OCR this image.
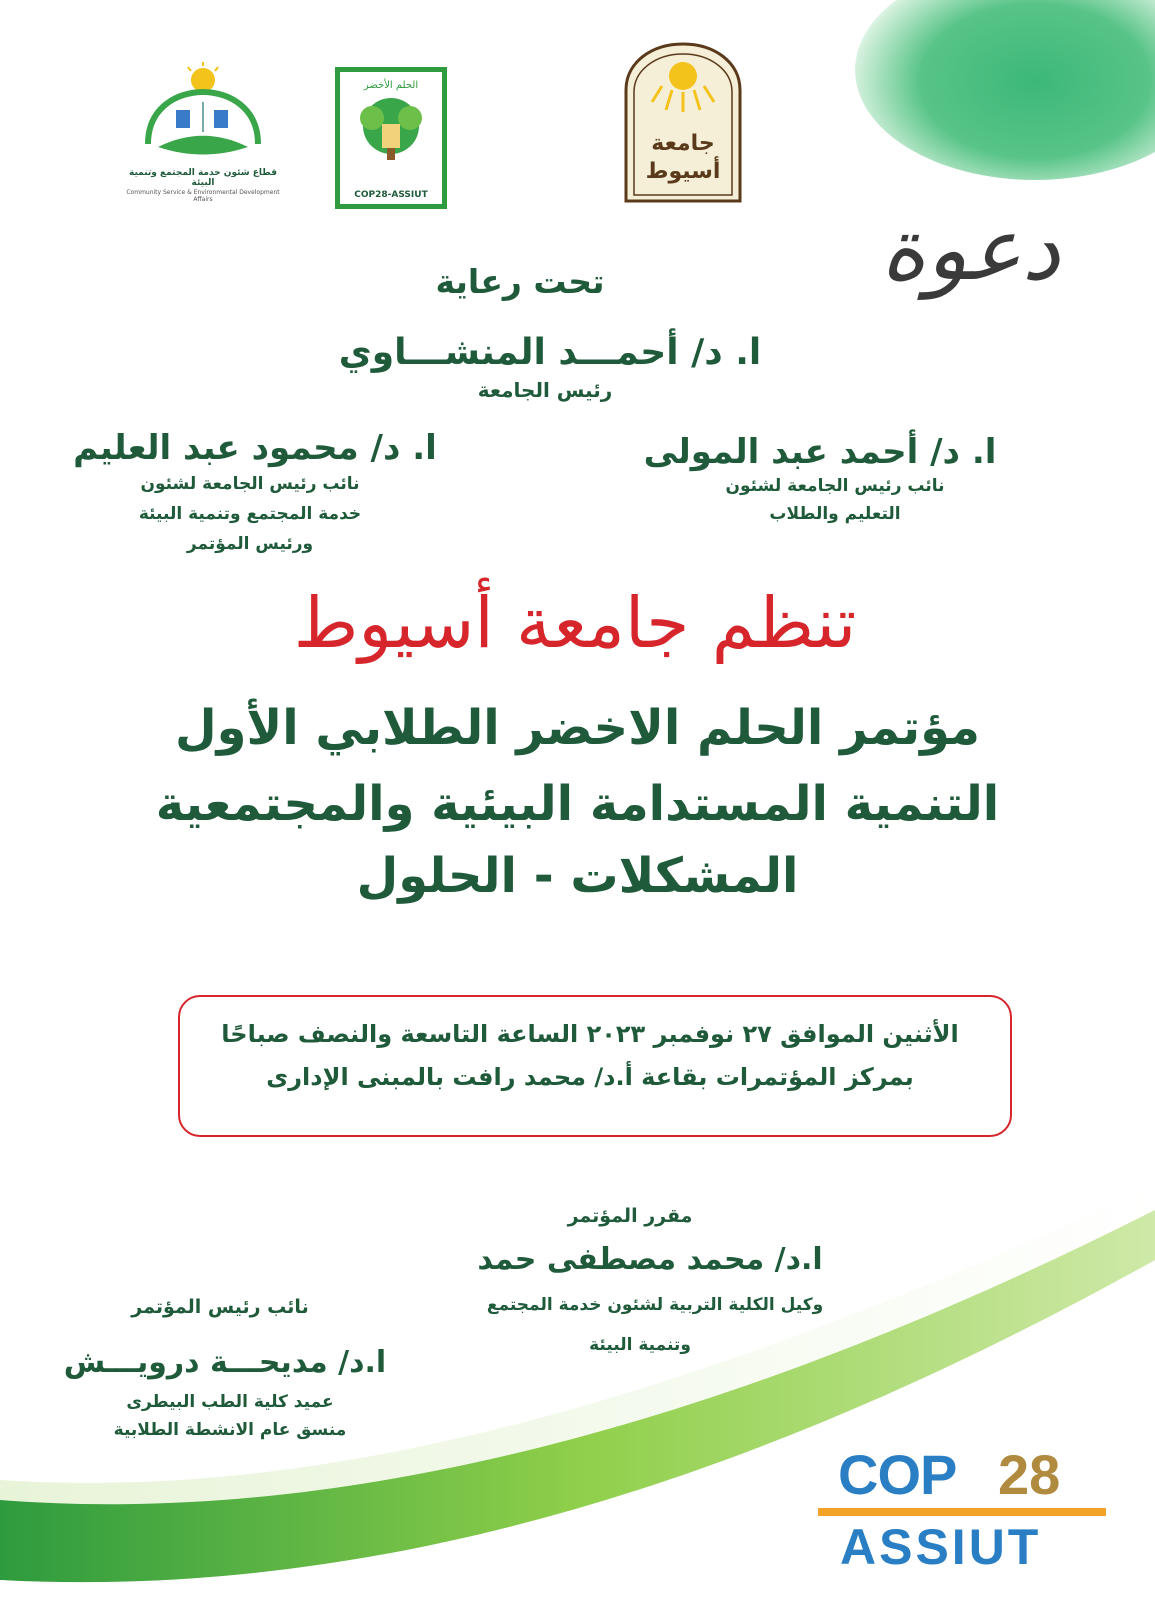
قطاع شئون خدمة المجتمع وتنمية البيئة
Community Service & Environmental Development Affairs
الحلم الأخضر
COP28-ASSIUT
جامعة أسيوط
دعوة
تحت رعاية
ا. د/ أحمـــد المنشـــاوي
رئيس الجامعة
ا. د/ أحمد عبد المولى
نائب رئيس الجامعة لشئون
التعليم والطلاب
ا. د/ محمود عبد العليم
نائب رئيس الجامعة لشئون
خدمة المجتمع وتنمية البيئة
ورئيس المؤتمر
تنظم جامعة أسيوط
مؤتمر الحلم الاخضر الطلابي الأول
التنمية المستدامة البيئية والمجتمعية
المشكلات - الحلول
الأثنين الموافق ٢٧ نوفمبر ٢٠٢٣ الساعة التاسعة والنصف صباحًا
بمركز المؤتمرات بقاعة أ.د/ محمد رافت بالمبنى الإدارى
مقرر المؤتمر
ا.د/ محمد مصطفى حمد
وكيل الكلية التربية لشئون خدمة المجتمع
وتنمية البيئة
نائب رئيس المؤتمر
ا.د/ مديحـــة درويـــش
عميد كلية الطب البيطرى
منسق عام الانشطة الطلابية
COP 28
ASSIUT
